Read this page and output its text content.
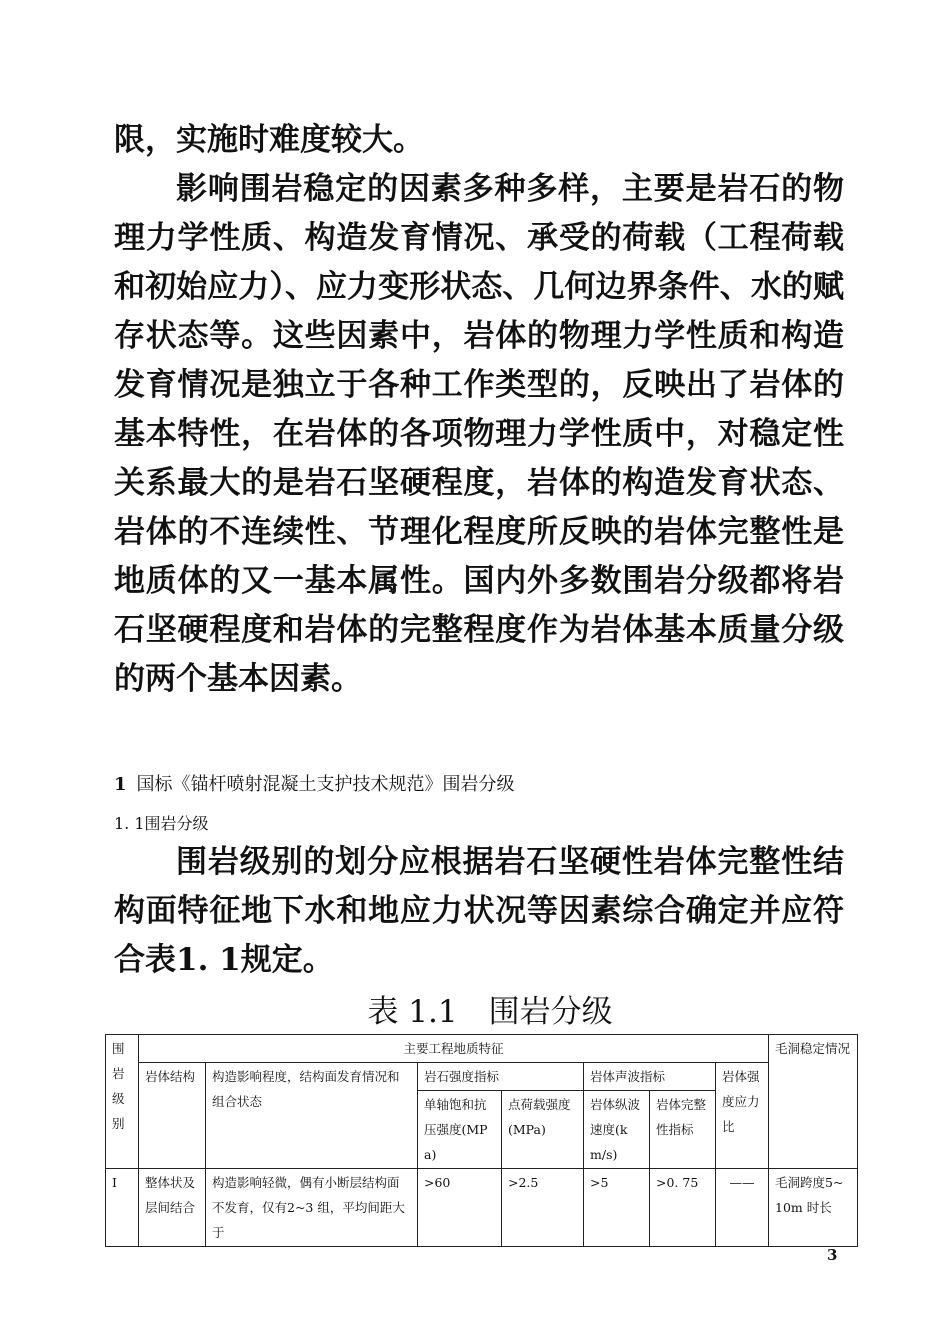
限，实施时难度较大。

影响围岩稳定的因素多种多样，主要是岩石的物理力学性质、构造发育情况、承受的荷载（工程荷载和初始应力）、应力变形状态、几何边界条件、水的赋存状态等。这些因素中，岩体的物理力学性质和构造发育情况是独立于各种工作类型的，反映出了岩体的基本特性，在岩体的各项物理力学性质中，对稳定性关系最大的是岩石坚硬程度，岩体的构造发育状态、岩体的不连续性、节理化程度所反映的岩体完整性是地质体的又一基本属性。国内外多数围岩分级都将岩石坚硬程度和岩体的完整程度作为岩体基本质量分级的两个基本因素。

1 国标《锚杆喷射混凝土支护技术规范》围岩分级
1. 1围岩分级

围岩级别的划分应根据岩石坚硬性岩体完整性结构面特征地下水和地应力状况等因素综合确定并应符合表1. 1规定。

表 1.1　围岩分级
围岩级别	主要工程地质特征							毛洞稳定情况
	岩体结构	构造影响程度，结构面发育情况和组合状态	岩石强度指标		岩体声波指标		岩体强度应力比	
			单轴饱和抗压强度(MPa)	点荷载强度(MPa)	岩体纵波速度(km/s)	岩体完整性指标		
I	整体状及层间结合	构造影响轻微，偶有小断层结构面不发育，仅有2~3 组，平均间距大于	>60	>2.5	>5	>0. 75	——	毛洞跨度5~10m 时长

3
